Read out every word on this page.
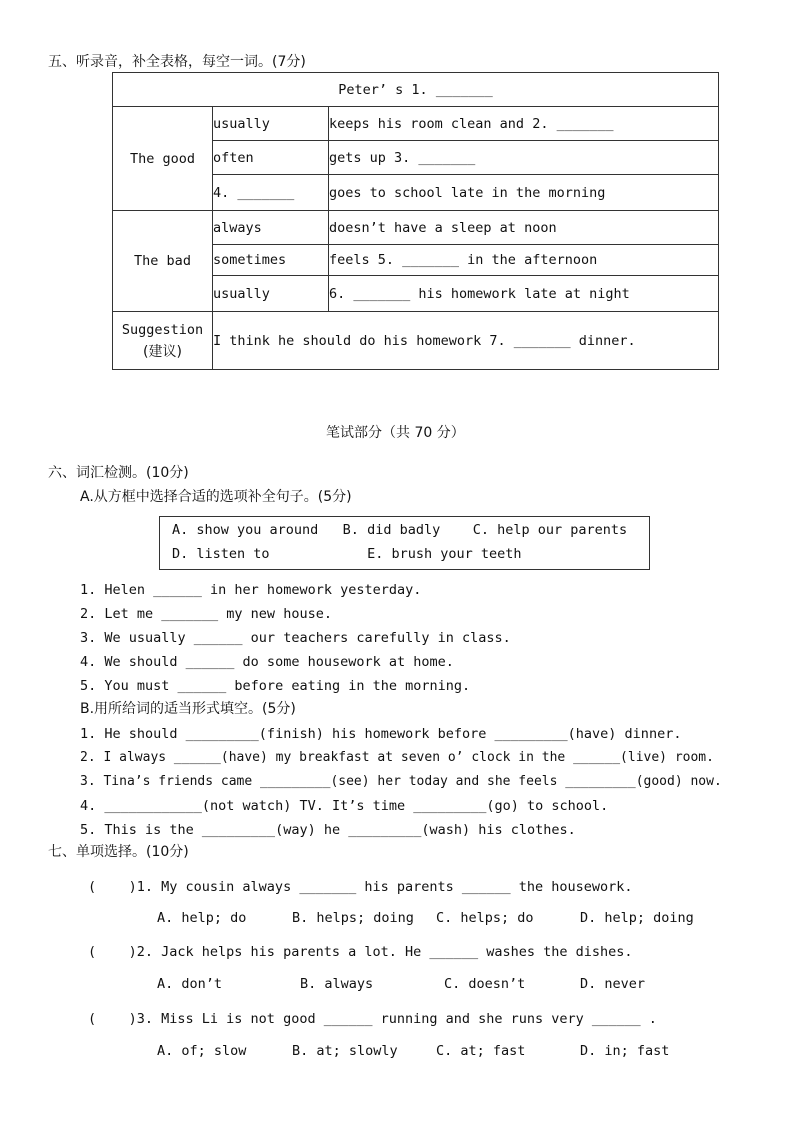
五、听录音，补全表格，每空一词。(7分)
Peter’ s 1. _______		
The good	usually	keeps his room clean and 2. _______
	often	gets up 3. _______
	4. _______	goes to school late in the morning
The bad	always	doesn’t have a sleep at noon
	sometimes	feels 5. _______ in the afternoon
	usually	6. _______ his homework late at night

Suggestion
(建议)	I think he should do his homework 7. _______ dinner.	
笔试部分（共 70 分）
六、词汇检测。(10分)
A.从方框中选择合适的选项补全句子。(5分)
A. show you around   B. did badly    C. help our parents
D. listen to            E. brush your teeth
1. Helen ______ in her homework yesterday.
2. Let me _______ my new house.
3. We usually ______ our teachers carefully in class.
4. We should ______ do some housework at home.
5. You must ______ before eating in the morning.
B.用所给词的适当形式填空。(5分)
1. He should _________(finish) his homework before _________(have) dinner.
2. I always ______(have) my breakfast at seven o’ clock in the ______(live) room.
3. Tina’s friends came _________(see) her today and she feels _________(good) now.
4. ____________(not watch) TV. It’s time _________(go) to school.
5. This is the _________(way) he _________(wash) his clothes.
七、单项选择。(10分)
(    )1. My cousin always _______ his parents ______ the housework.
A. help; do	B. helps; doing C. helps; do	D. help; doing
(    )2. Jack helps his parents a lot. He ______ washes the dishes.
A. don’t	B. always	C. doesn’t	D. never
(    )3. Miss Li is not good ______ running and she runs very ______ .
A. of; slow	B. at; slowly	C. at; fast	D. in; fast
